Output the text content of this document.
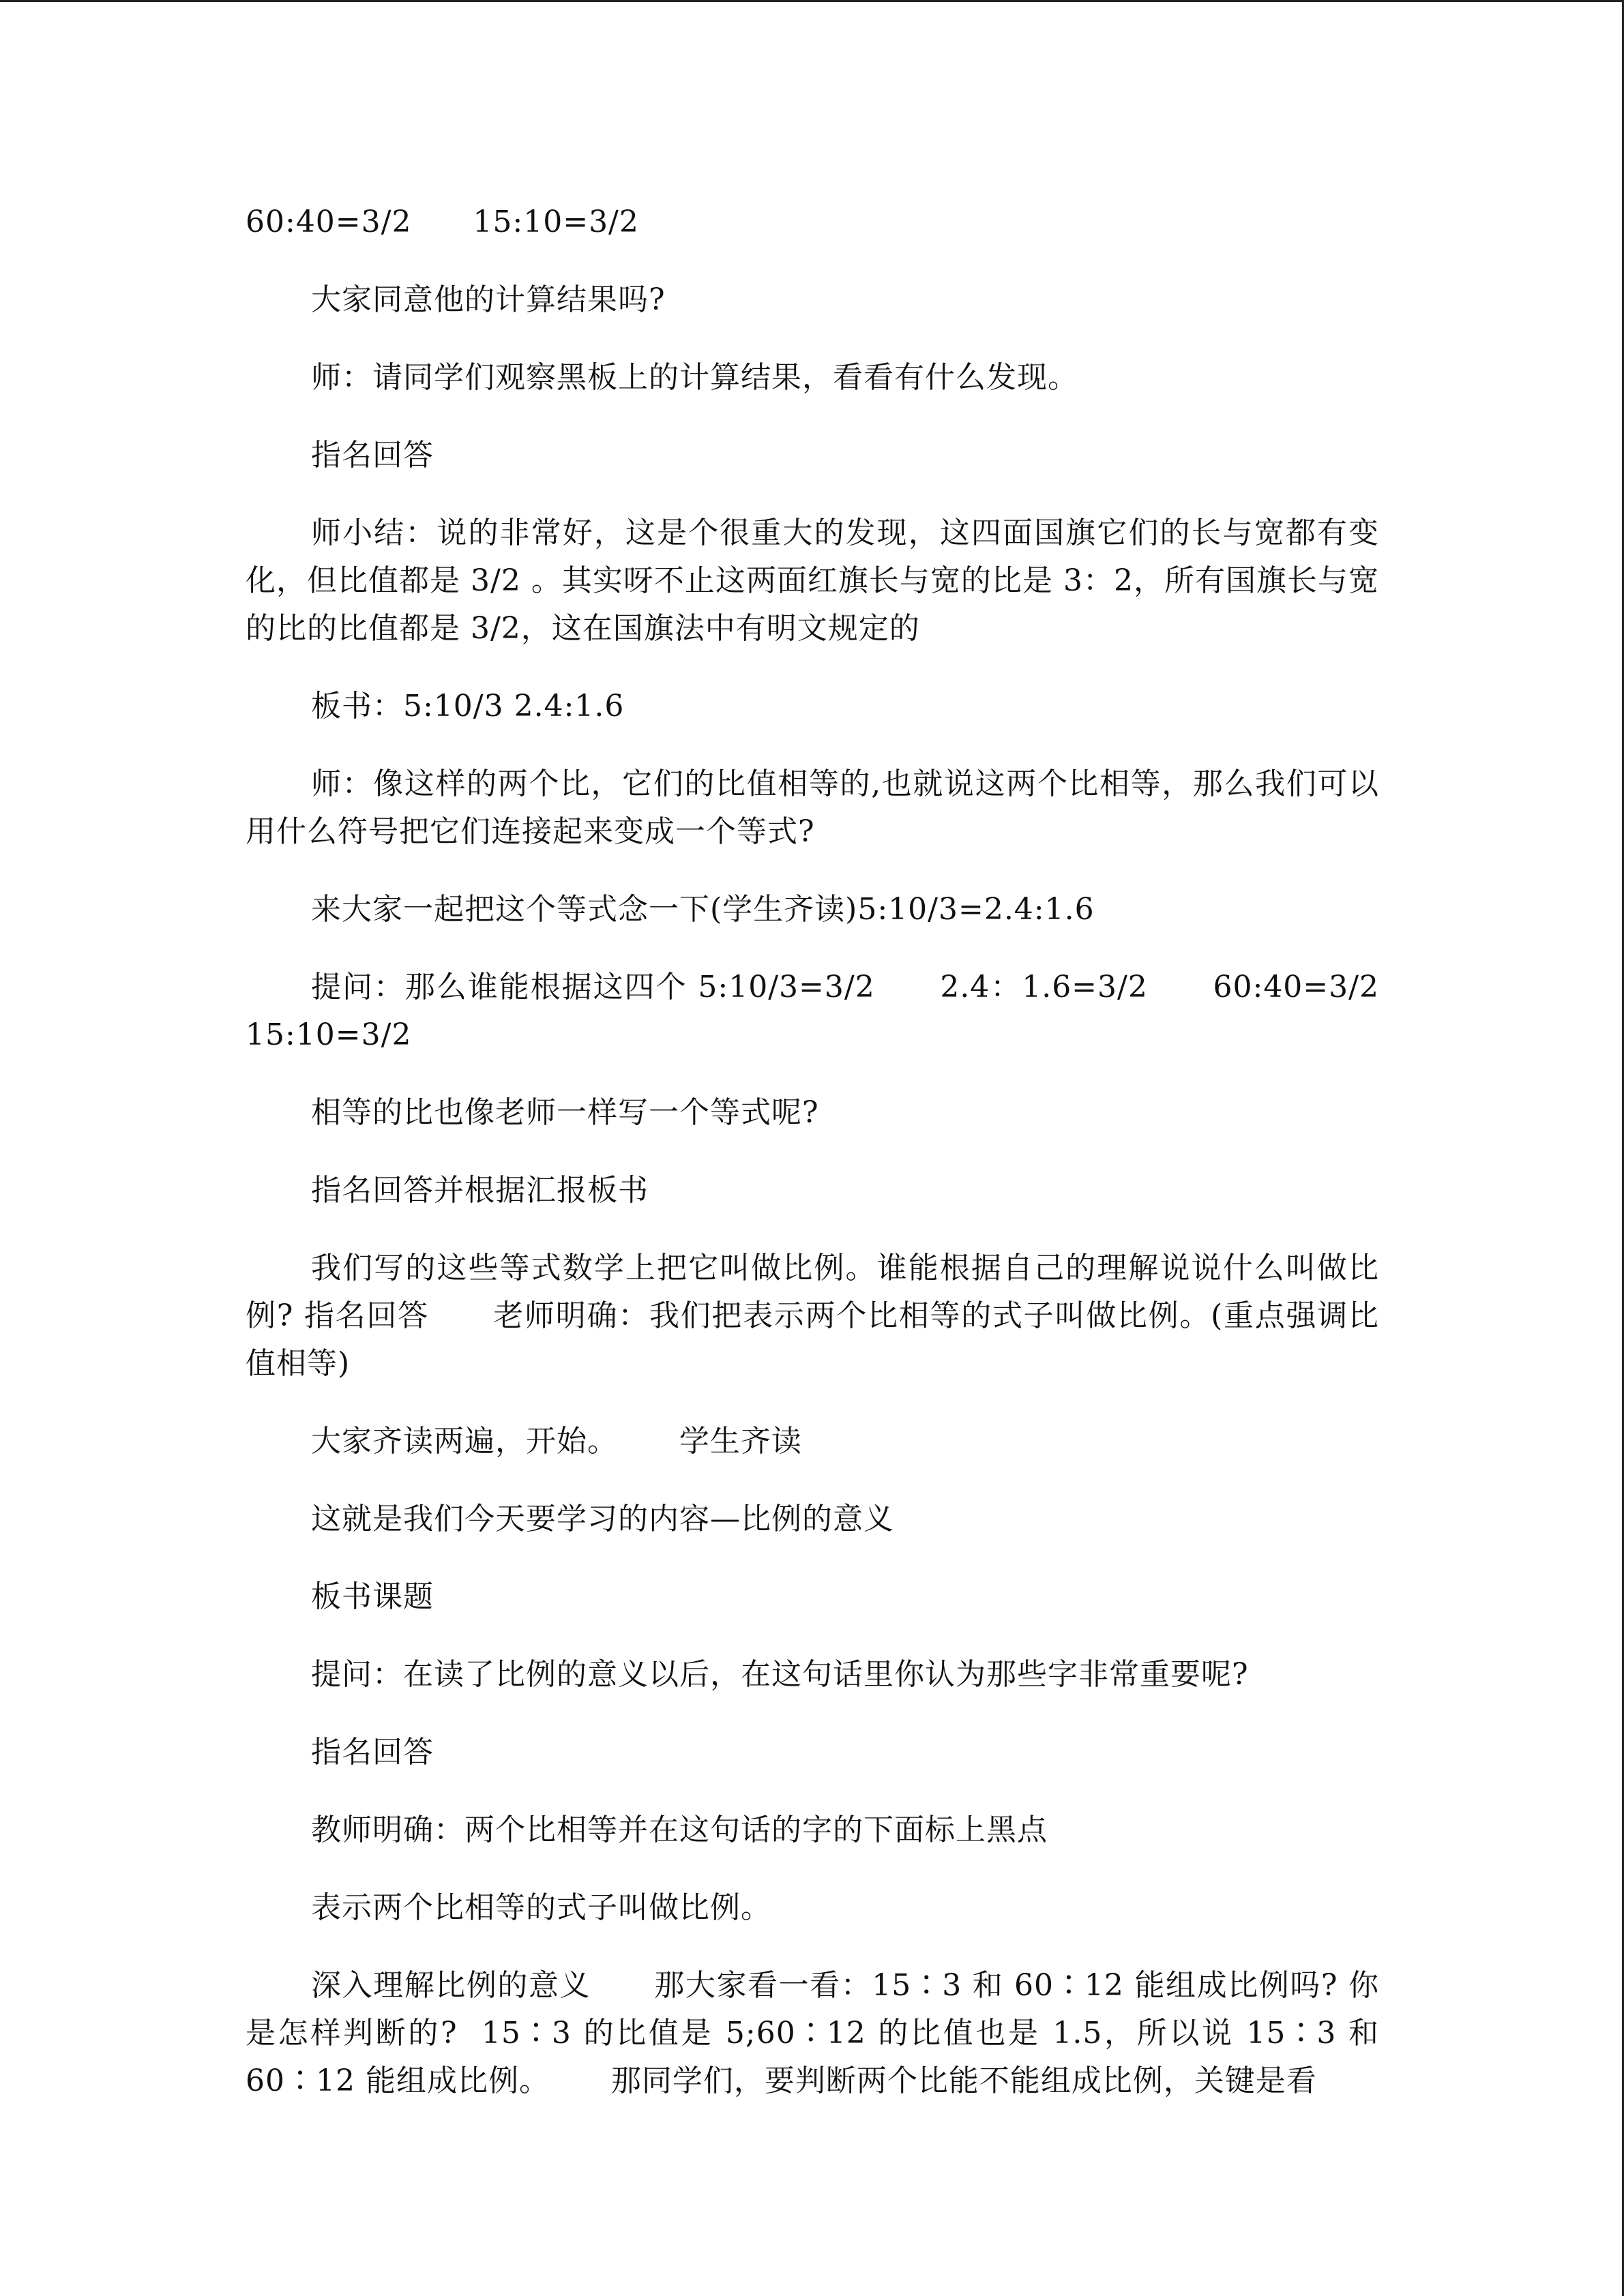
60:40=3/2      15:10=3/2

大家同意他的计算结果吗?

师：请同学们观察黑板上的计算结果，看看有什么发现。

指名回答

师小结：说的非常好，这是个很重大的发现，这四面国旗它们的长与宽都有变化，但比值都是 3/2 。其实呀不止这两面红旗长与宽的比是 3：2，所有国旗长与宽的比的比值都是 3/2，这在国旗法中有明文规定的

板书：5:10/3 2.4:1.6

师：像这样的两个比，它们的比值相等的,也就说这两个比相等，那么我们可以用什么符号把它们连接起来变成一个等式?

来大家一起把这个等式念一下(学生齐读)5:10/3=2.4:1.6

提问：那么谁能根据这四个 5:10/3=3/2      2.4：1.6=3/2      60:40=3/2 15:10=3/2

相等的比也像老师一样写一个等式呢?

指名回答并根据汇报板书

我们写的这些等式数学上把它叫做比例。谁能根据自己的理解说说什么叫做比例? 指名回答      老师明确：我们把表示两个比相等的式子叫做比例。(重点强调比值相等)

大家齐读两遍，开始。      学生齐读

这就是我们今天要学习的内容—比例的意义

板书课题

提问：在读了比例的意义以后，在这句话里你认为那些字非常重要呢?

指名回答

教师明确：两个比相等并在这句话的字的下面标上黑点

表示两个比相等的式子叫做比例。

深入理解比例的意义      那大家看一看：15∶3 和 60∶12 能组成比例吗? 你是怎样判断的?  15∶3 的比值是 5;60∶12 的比值也是 1.5，所以说 15∶3 和 60∶12 能组成比例。      那同学们，要判断两个比能不能组成比例，关键是看
